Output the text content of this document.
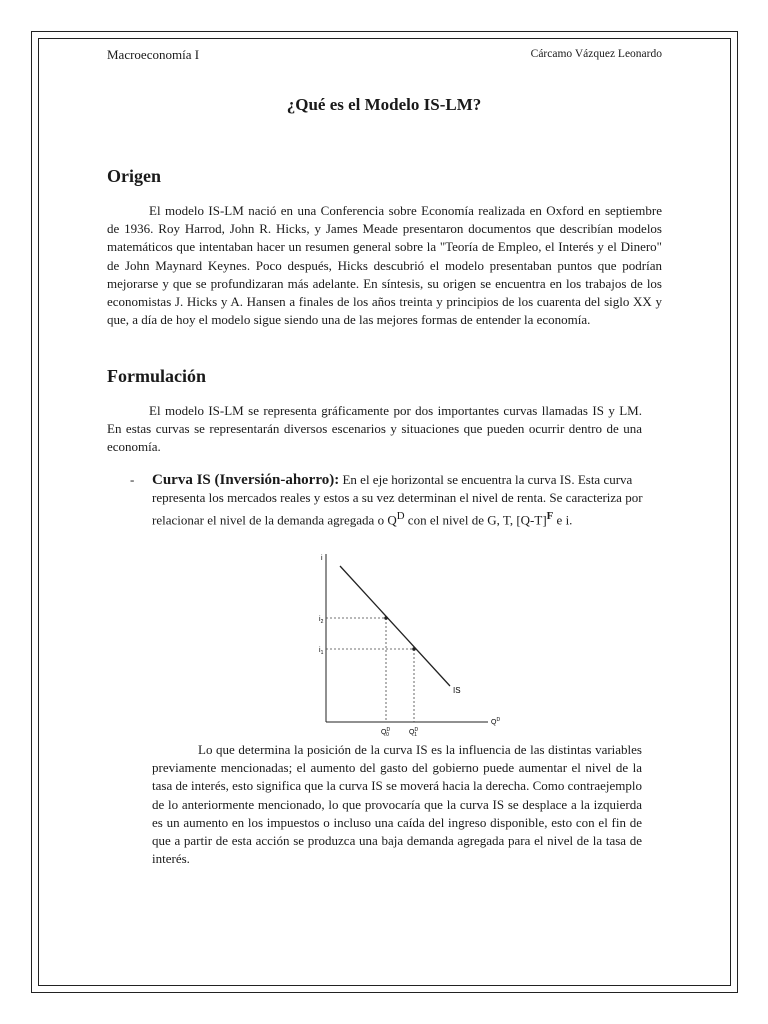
Macroeconomía I	Cárcamo Vázquez Leonardo
¿Qué es el Modelo IS-LM?
Origen
El modelo IS-LM nació en una Conferencia sobre Economía realizada en Oxford en septiembre de 1936. Roy Harrod, John R. Hicks, y James Meade presentaron documentos que describían modelos matemáticos que intentaban hacer un resumen general sobre la "Teoría de Empleo, el Interés y el Dinero" de John Maynard Keynes. Poco después, Hicks descubrió el modelo presentaban puntos que podrían mejorarse y que se profundizaran más adelante. En síntesis, su origen se encuentra en los trabajos de los economistas J. Hicks y A. Hansen a finales de los años treinta y principios de los cuarenta del siglo XX y que, a día de hoy el modelo sigue siendo una de las mejores formas de entender la economía.
Formulación
El modelo IS-LM se representa gráficamente por dos importantes curvas llamadas IS y LM. En estas curvas se representarán diversos escenarios y situaciones que pueden ocurrir dentro de una economía.
- Curva IS (Inversión-ahorro): En el eje horizontal se encuentra la curva IS. Esta curva representa los mercados reales y estos a su vez determinan el nivel de renta. Se caracteriza por relacionar el nivel de la demanda agregada o $Q^D$ con el nivel de G, T, $[Q-T]^F$ e i.
i
$i_2$
$i_1$
$Q^D$
$Q^D$ 0	$Q^D$ 1
IS
Lo que determina la posición de la curva IS es la influencia de las distintas variables previamente mencionadas; el aumento del gasto del gobierno puede aumentar el nivel de la tasa de interés, esto significa que la curva IS se moverá hacia la derecha. Como contraejemplo de lo anteriormente mencionado, lo que provocaría que la curva IS se desplace a la izquierda es un aumento en los impuestos o incluso una caída del ingreso disponible, esto con el fin de que a partir de esta acción se produzca una baja demanda agregada para el nivel de la tasa de interés.
